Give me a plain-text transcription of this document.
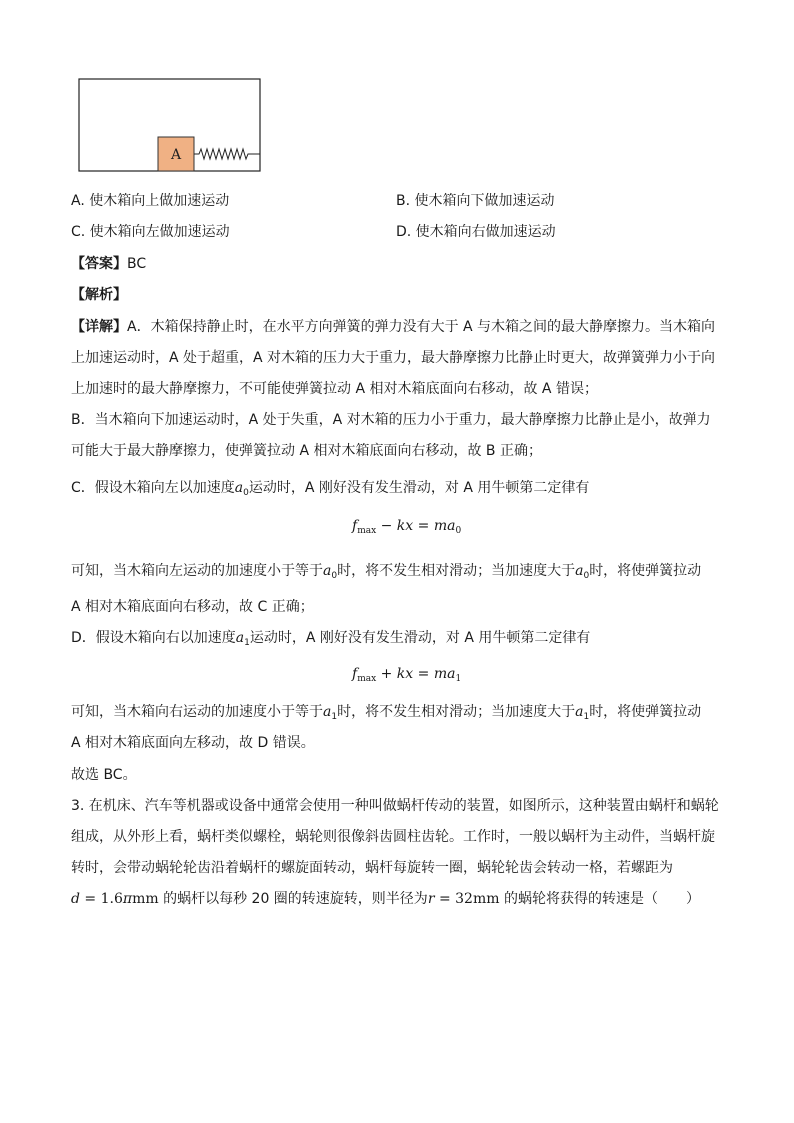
A
A. 使木箱向上做加速运动	B. 使木箱向下做加速运动
C. 使木箱向左做加速运动	D. 使木箱向右做加速运动
【答案】BC
【解析】
【详解】A．木箱保持静止时，在水平方向弹簧的弹力没有大于 A 与木箱之间的最大静摩擦力。当木箱向
上加速运动时，A 处于超重，A 对木箱的压力大于重力，最大静摩擦力比静止时更大，故弹簧弹力小于向
上加速时的最大静摩擦力，不可能使弹簧拉动 A 相对木箱底面向右移动，故 A 错误；
B．当木箱向下加速运动时，A 处于失重，A 对木箱的压力小于重力，最大静摩擦力比静止是小，故弹力
可能大于最大静摩擦力，使弹簧拉动 A 相对木箱底面向右移动，故 B 正确；
C．假设木箱向左以加速度$a_0$运动时，A 刚好没有发生滑动，对 A 用牛顿第二定律有
$f_{max}$ − kx = $ma_0$
可知，当木箱向左运动的加速度小于等于$a_0$时，将不发生相对滑动；当加速度大于$a_0$时，将使弹簧拉动
A 相对木箱底面向右移动，故 C 正确；
D．假设木箱向右以加速度$a_1$运动时，A 刚好没有发生滑动，对 A 用牛顿第二定律有
$f_{max}$ + kx = $ma_1$
可知，当木箱向右运动的加速度小于等于$a_1$时，将不发生相对滑动；当加速度大于$a_1$时，将使弹簧拉动
A 相对木箱底面向左移动，故 D 错误。
故选 BC。
3. 在机床、汽车等机器或设备中通常会使用一种叫做蜗杆传动的装置，如图所示，这种装置由蜗杆和蜗轮
组成，从外形上看，蜗杆类似螺栓，蜗轮则很像斜齿圆柱齿轮。工作时，一般以蜗杆为主动件，当蜗杆旋
转时，会带动蜗轮轮齿沿着蜗杆的螺旋面转动，蜗杆每旋转一圈，蜗轮轮齿会转动一格，若螺距为
d = 1.6πmm 的蜗杆以每秒 20 圈的转速旋转，则半径为r = 32mm 的蜗轮将获得的转速是（　　）
